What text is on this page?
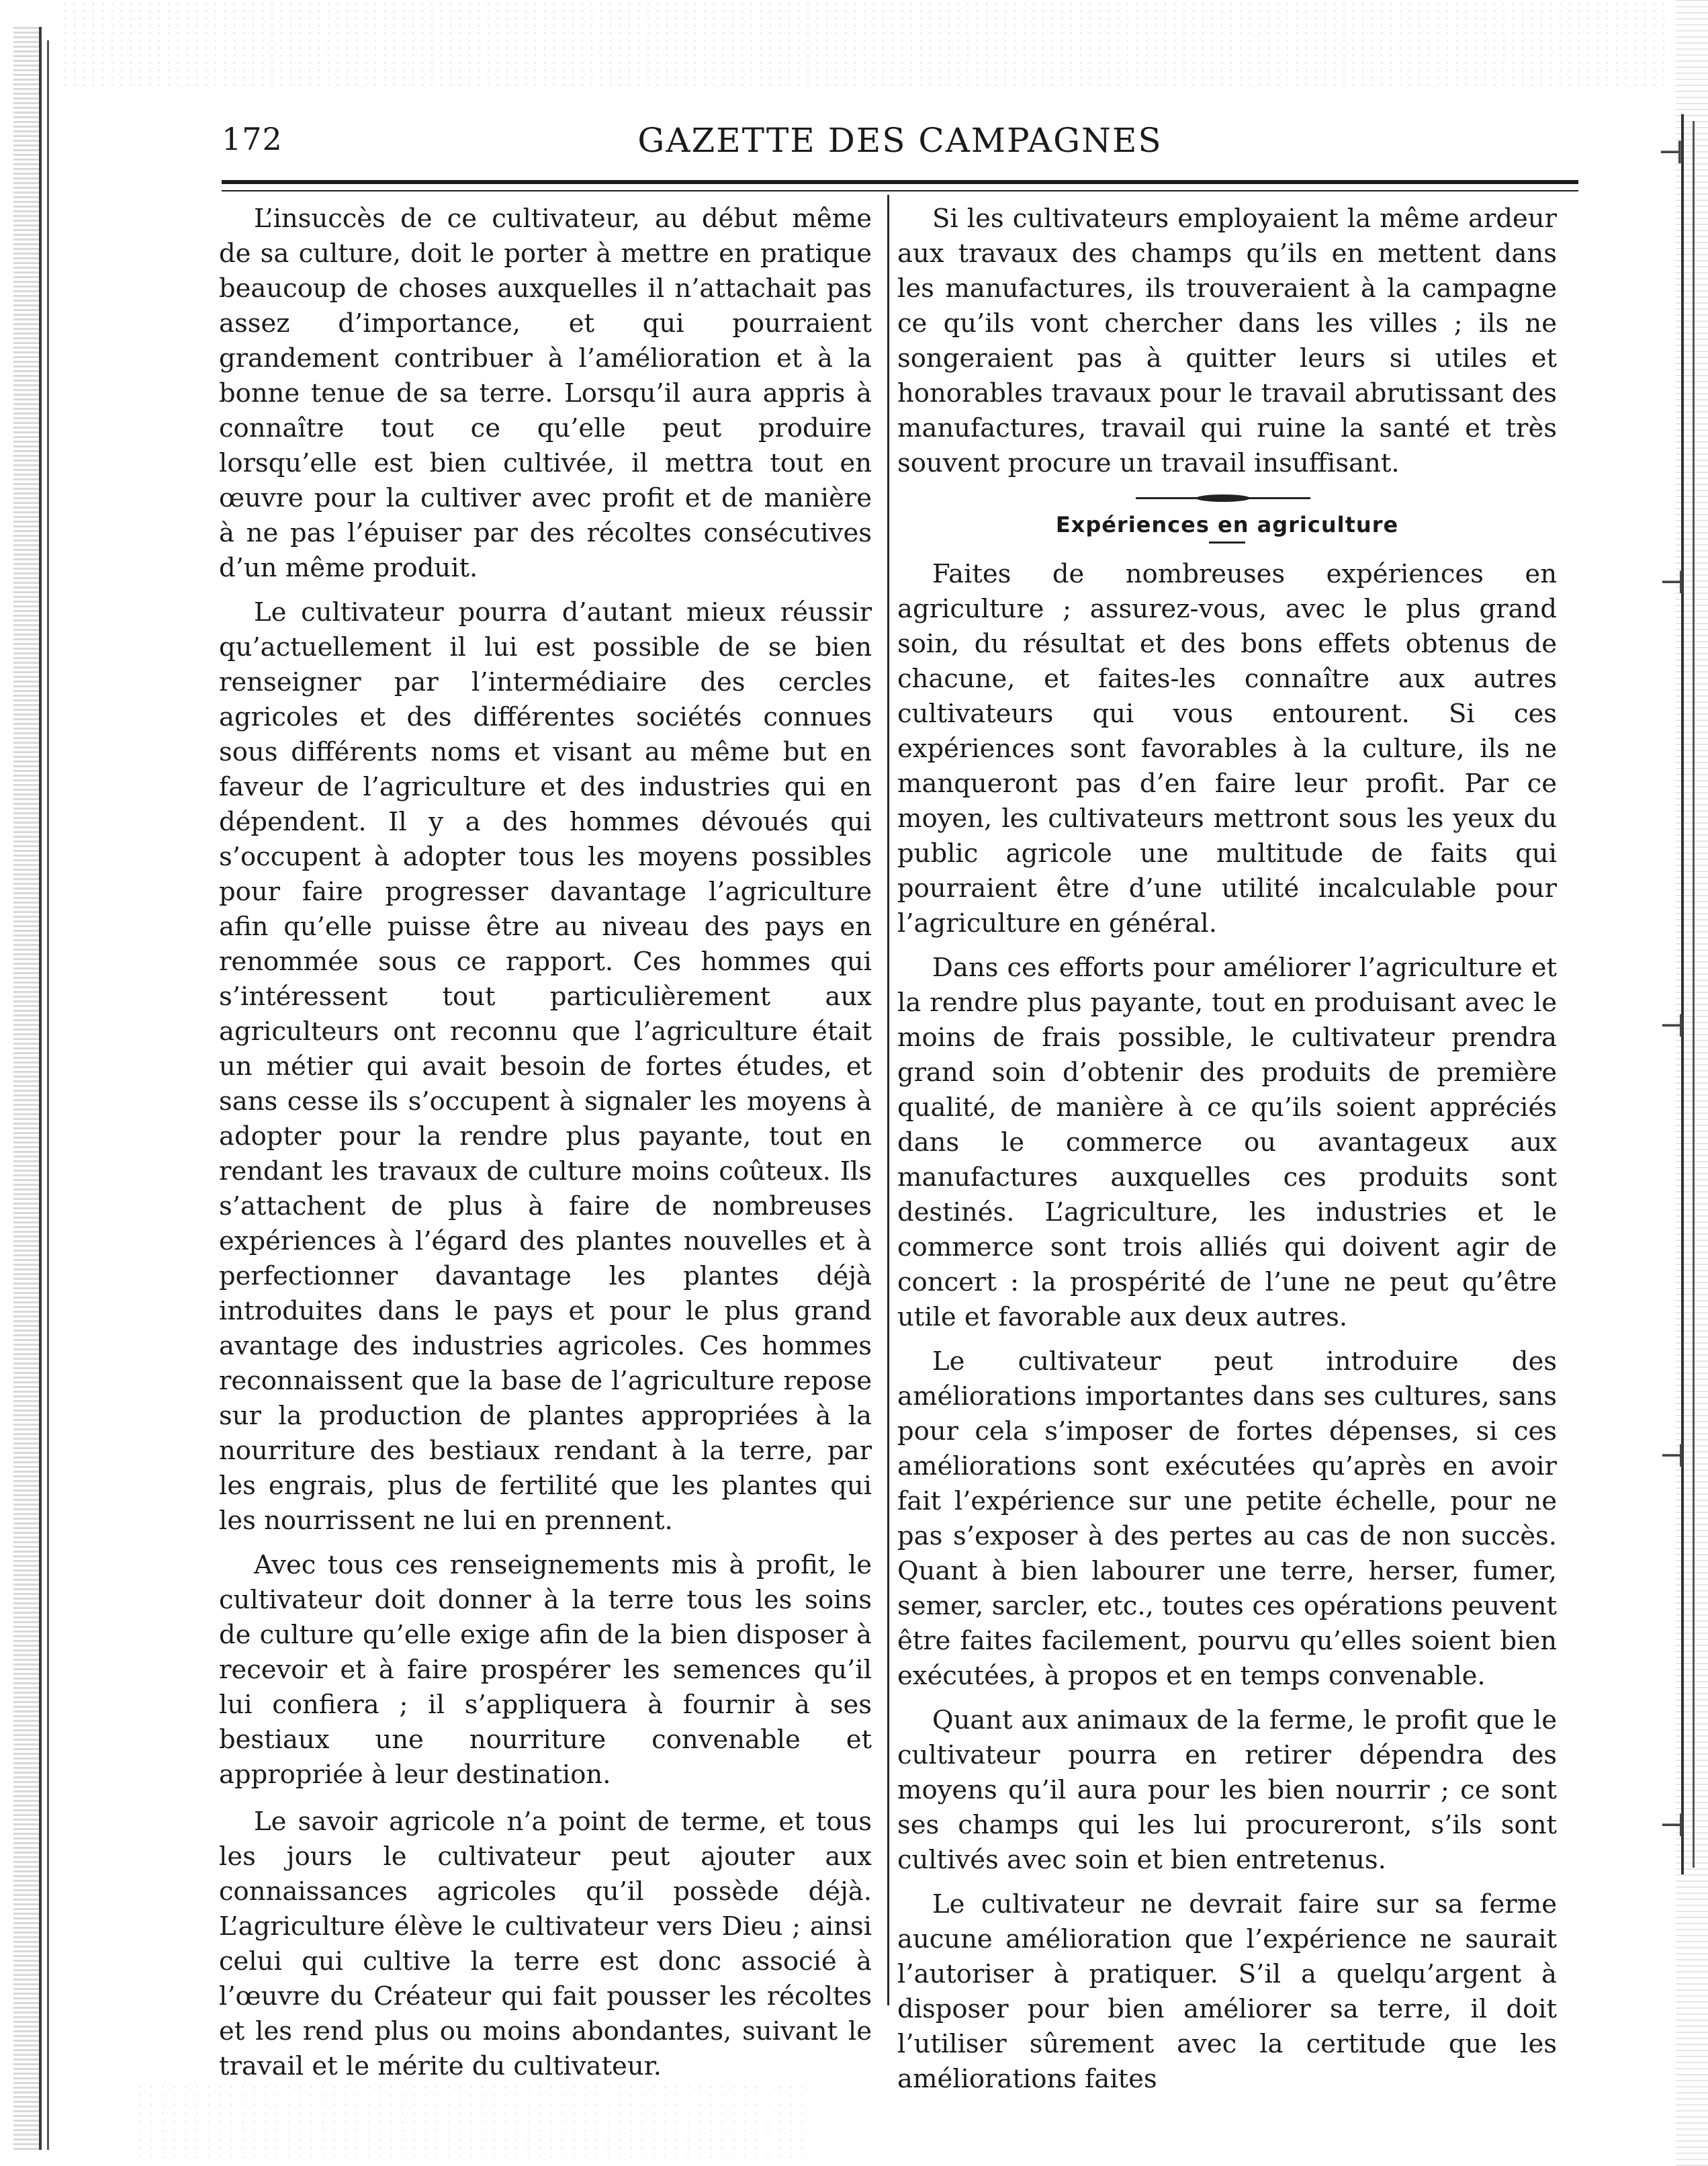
⊣
⊣
⊣
⊣
⊣
GAZETTE DES CAMPAGNES
172

L’insuccès de ce cultivateur, au début même de sa culture, doit le porter à mettre en pratique beaucoup de choses auxquelles il n’attachait pas assez d’importance, et qui pourraient grandement contribuer à l’amélioration et à la bonne tenue de sa terre. Lorsqu’il aura appris à connaître tout ce qu’elle peut produire lorsqu’elle est bien cultivée, il mettra tout en œuvre pour la cultiver avec profit et de manière à ne pas l’épuiser par des récoltes consécutives d’un même produit.

Le cultivateur pourra d’autant mieux réussir qu’actuellement il lui est possible de se bien renseigner par l’intermédiaire des cercles agricoles et des différentes sociétés connues sous différents noms et visant au même but en faveur de l’agriculture et des industries qui en dépendent. Il y a des hommes dévoués qui s’occupent à adopter tous les moyens possibles pour faire progresser davantage l’agriculture afin qu’elle puisse être au niveau des pays en renommée sous ce rapport. Ces hommes qui s’intéressent tout particulièrement aux agriculteurs ont reconnu que l’agriculture était un métier qui avait besoin de fortes études, et sans cesse ils s’occupent à signaler les moyens à adopter pour la rendre plus payante, tout en rendant les travaux de culture moins coûteux. Ils s’attachent de plus à faire de nombreuses expériences à l’égard des plantes nouvelles et à perfectionner davantage les plantes déjà introduites dans le pays et pour le plus grand avantage des industries agricoles. Ces hommes reconnaissent que la base de l’agriculture repose sur la production de plantes appropriées à la nourriture des bestiaux rendant à la terre, par les engrais, plus de fertilité que les plantes qui les nourrissent ne lui en prennent.

Avec tous ces renseignements mis à profit, le cultivateur doit donner à la terre tous les soins de culture qu’elle exige afin de la bien disposer à recevoir et à faire prospérer les semences qu’il lui confiera ; il s’appliquera à fournir à ses bestiaux une nourriture convenable et appropriée à leur destination.

Le savoir agricole n’a point de terme, et tous les jours le cultivateur peut ajouter aux connaissances agricoles qu’il possède déjà. L’agriculture élève le cultivateur vers Dieu ; ainsi celui qui cultive la terre est donc associé à l’œuvre du Créateur qui fait pousser les récoltes et les rend plus ou moins abondantes, suivant le travail et le mérite du cultivateur.

Si les cultivateurs employaient la même ardeur aux travaux des champs qu’ils en mettent dans les manufactures, ils trouveraient à la campagne ce qu’ils vont chercher dans les villes ; ils ne songeraient pas à quitter leurs si utiles et honorables travaux pour le travail abrutissant des manufactures, travail qui ruine la santé et très souvent procure un travail insuffisant.

Expériences en agriculture

Faites de nombreuses expériences en agriculture ; assurez-vous, avec le plus grand soin, du résultat et des bons effets obtenus de chacune, et faites-les connaître aux autres cultivateurs qui vous entourent. Si ces expériences sont favorables à la culture, ils ne manqueront pas d’en faire leur profit. Par ce moyen, les cultivateurs mettront sous les yeux du public agricole une multitude de faits qui pourraient être d’une utilité incalculable pour l’agriculture en général.

Dans ces efforts pour améliorer l’agriculture et la rendre plus payante, tout en produisant avec le moins de frais possible, le cultivateur prendra grand soin d’obtenir des produits de première qualité, de manière à ce qu’ils soient appréciés dans le commerce ou avantageux aux manufactures auxquelles ces produits sont destinés. L’agriculture, les industries et le commerce sont trois alliés qui doivent agir de concert : la prospérité de l’une ne peut qu’être utile et favorable aux deux autres.

Le cultivateur peut introduire des améliorations importantes dans ses cultures, sans pour cela s’imposer de fortes dépenses, si ces améliorations sont exécutées qu’après en avoir fait l’expérience sur une petite échelle, pour ne pas s’exposer à des pertes au cas de non succès. Quant à bien labourer une terre, herser, fumer, semer, sarcler, etc., toutes ces opérations peuvent être faites facilement, pourvu qu’elles soient bien exécutées, à propos et en temps convenable.

Quant aux animaux de la ferme, le profit que le cultivateur pourra en retirer dépendra des moyens qu’il aura pour les bien nourrir ; ce sont ses champs qui les lui procureront, s’ils sont cultivés avec soin et bien entretenus.

Le cultivateur ne devrait faire sur sa ferme aucune amélioration que l’expérience ne saurait l’autoriser à pratiquer. S’il a quelqu’argent à disposer pour bien améliorer sa terre, il doit l’utiliser sûrement avec la certitude que les améliorations faites
